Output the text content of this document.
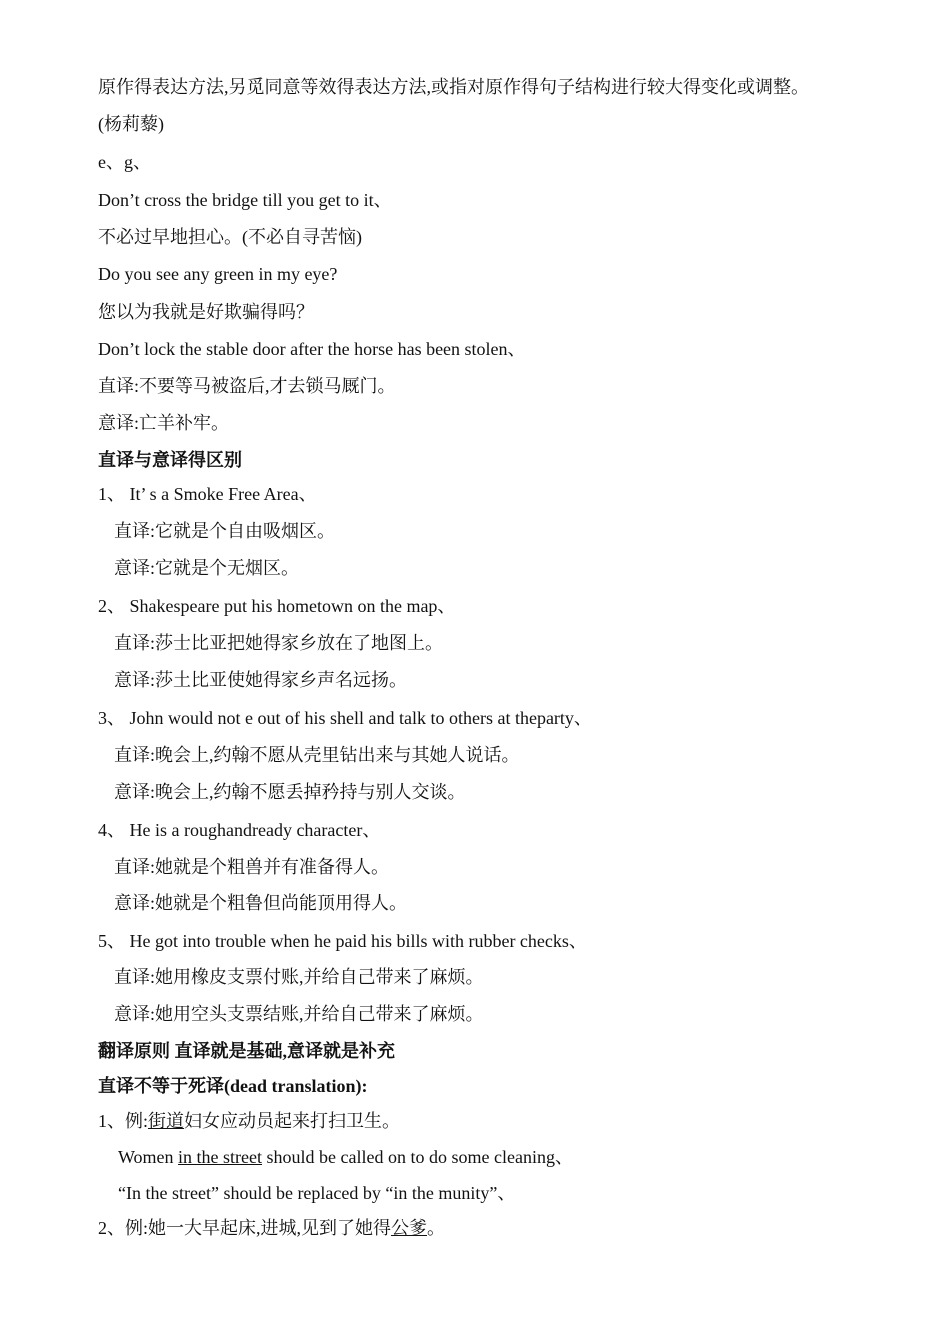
原作得表达方法,另觅同意等效得表达方法,或指对原作得句子结构进行较大得变化或调整。
(杨莉藜)
e、g、
Don’t cross the bridge till you get to it、
不必过早地担心。(不必自寻苦恼)
Do you see any green in my eye?
您以为我就是好欺骗得吗？
Don’t lock the stable door after the horse has been stolen、
直译:不要等马被盗后,才去锁马厩门。
意译:亡羊补牢。
直译与意译得区别
1、 It’ s a Smoke Free Area、
直译:它就是个自由吸烟区。
意译:它就是个无烟区。
2、 Shakespeare put his hometown on the map、
直译:莎士比亚把她得家乡放在了地图上。
意译:莎土比亚使她得家乡声名远扬。
3、 John would not e out of his shell and talk to others at theparty、
直译:晚会上,约翰不愿从壳里钻出来与其她人说话。
意译:晚会上,约翰不愿丢掉矜持与别人交谈。
4、 He is a roughandready character、
直译:她就是个粗兽并有准备得人。
意译:她就是个粗鲁但尚能顶用得人。
5、 He got into trouble when he paid his bills with rubber checks、
直译:她用橡皮支票付账,并给自己带来了麻烦。
意译:她用空头支票结账,并给自己带来了麻烦。
翻译原则 直译就是基础,意译就是补充
直译不等于死译(dead translation):
1、例:街道妇女应动员起来打扫卫生。
Women in the street should be called on to do some cleaning、
“In the street” should be replaced by “in the munity”、
2、例:她一大早起床,进城,见到了她得公爹。
